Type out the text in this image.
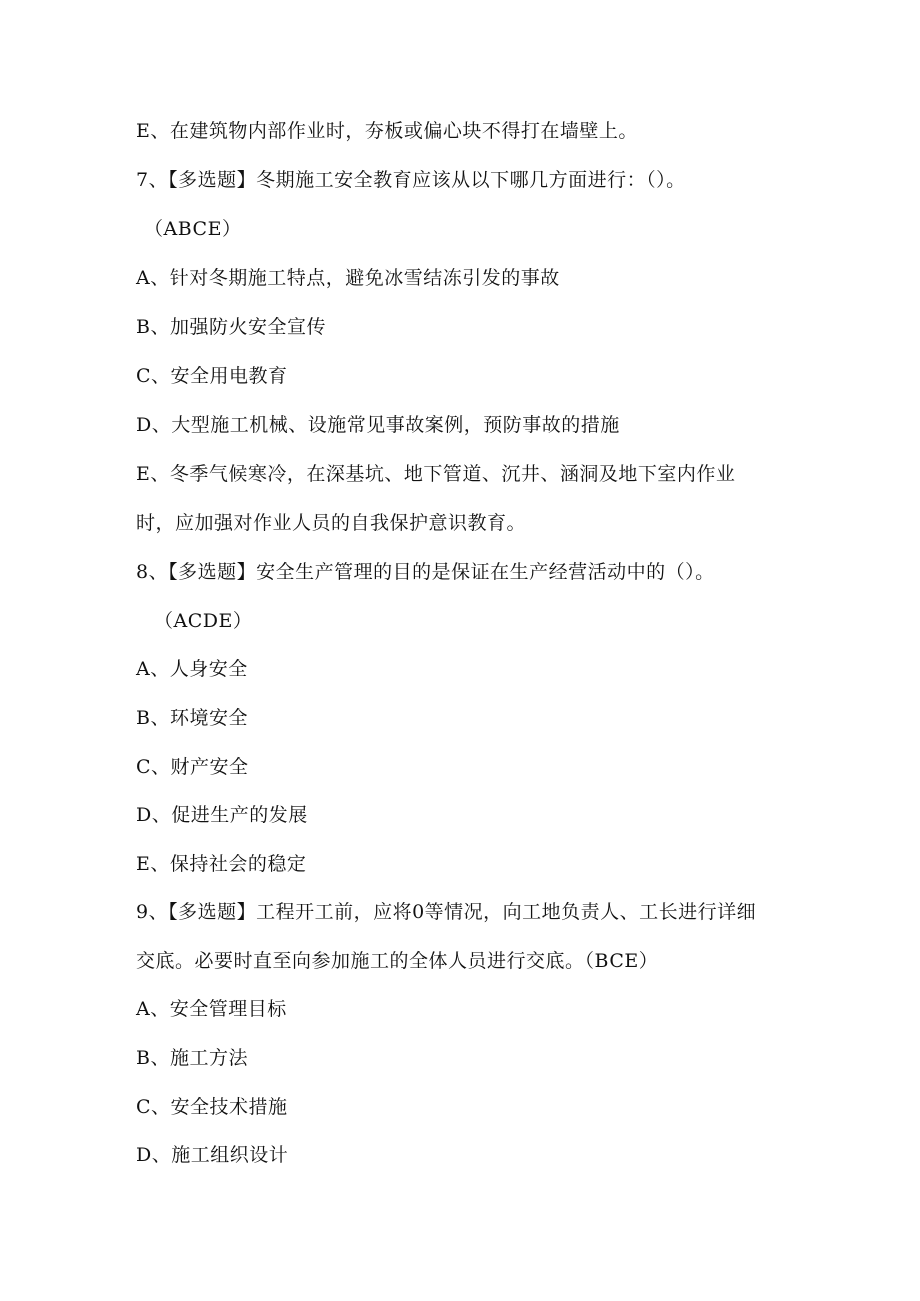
E、在建筑物内部作业时，夯板或偏心块不得打在墙壁上。
7、【多选题】冬期施工安全教育应该从以下哪几方面进行：（）。
（ABCE）
A、针对冬期施工特点，避免冰雪结冻引发的事故
B、加强防火安全宣传
C、安全用电教育
D、大型施工机械、设施常见事故案例，预防事故的措施
E、冬季气候寒冷，在深基坑、地下管道、沉井、涵洞及地下室内作业
时，应加强对作业人员的自我保护意识教育。
8、【多选题】安全生产管理的目的是保证在生产经营活动中的（）。
（ACDE）
A、人身安全
B、环境安全
C、财产安全
D、促进生产的发展
E、保持社会的稳定
9、【多选题】工程开工前，应将0等情况，向工地负责人、工长进行详细
交底。必要时直至向参加施工的全体人员进行交底。（BCE）
A、安全管理目标
B、施工方法
C、安全技术措施
D、施工组织设计
